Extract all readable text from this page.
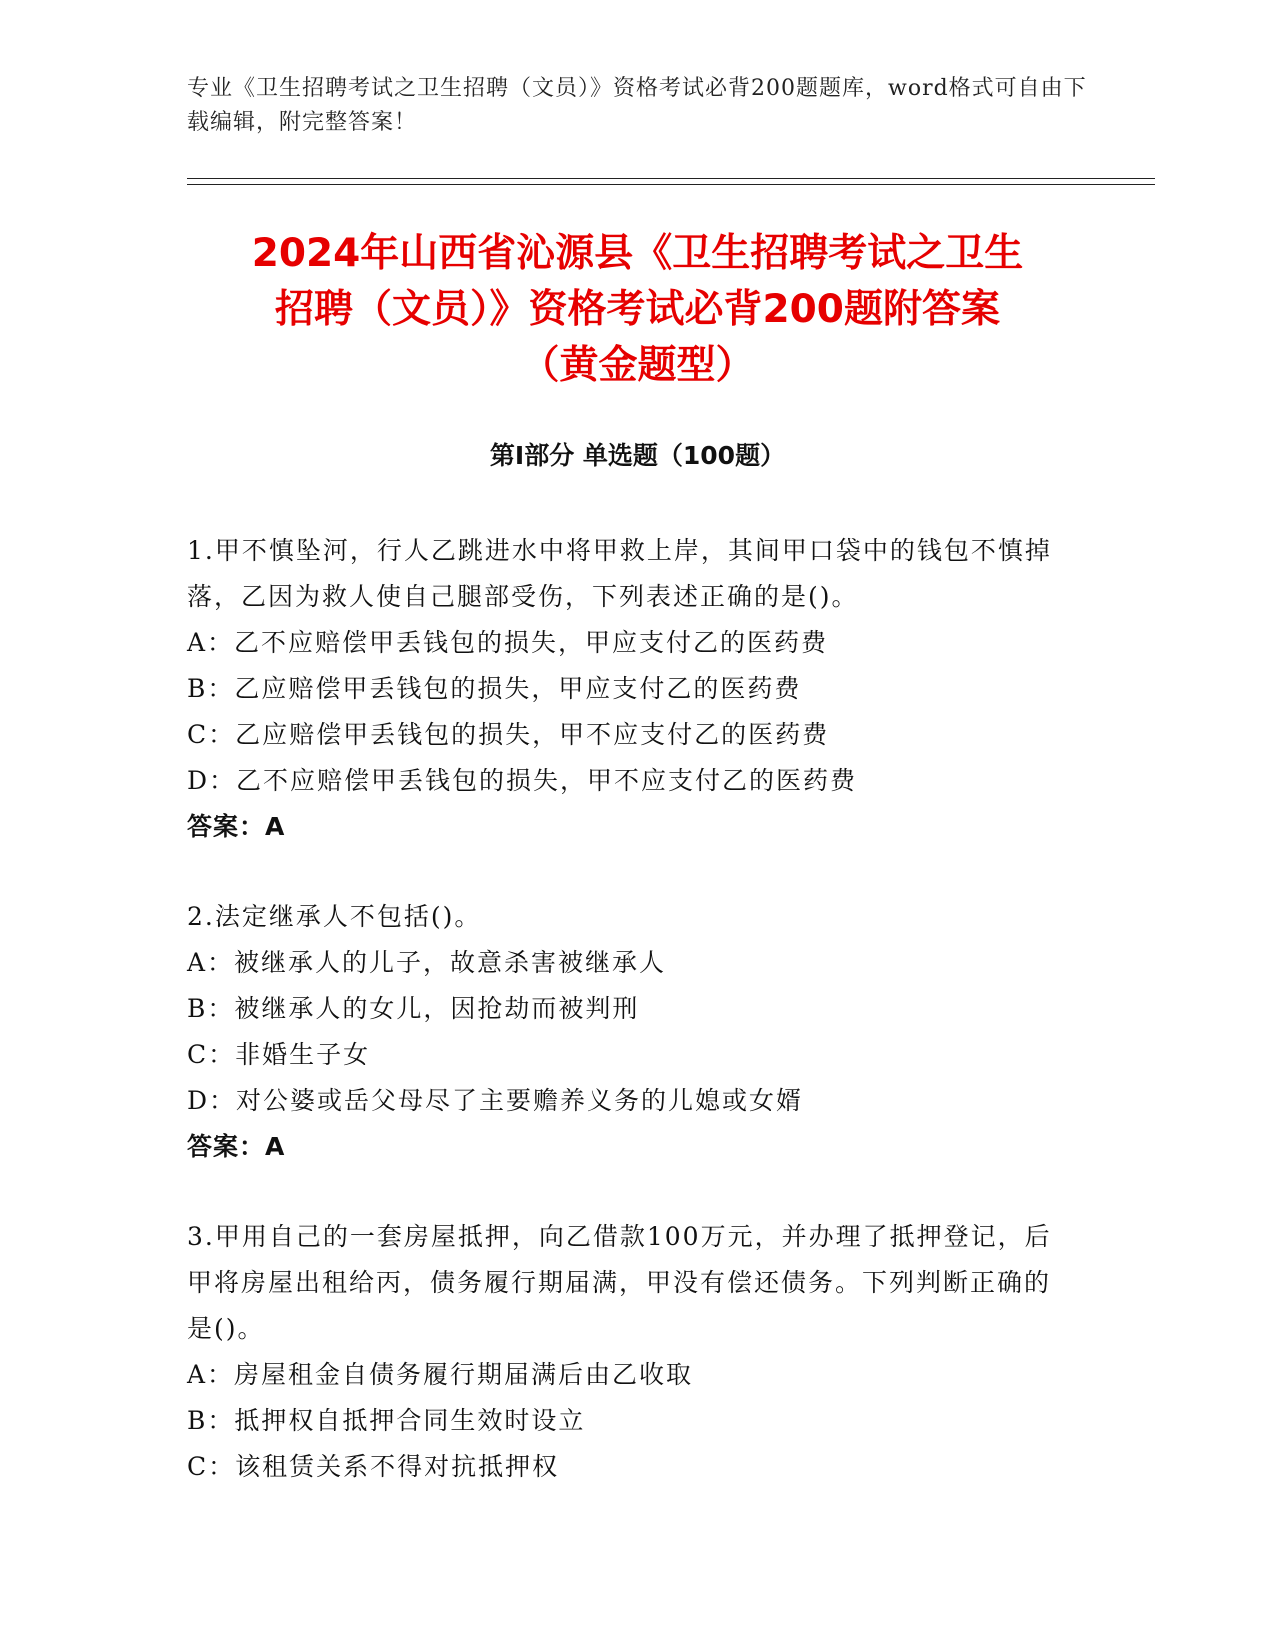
专业《卫生招聘考试之卫生招聘（文员）》资格考试必背200题题库，word格式可自由下载编辑，附完整答案！
2024年山西省沁源县《卫生招聘考试之卫生
招聘（文员）》资格考试必背200题附答案
（黄金题型）
第Ⅰ部分 单选题（100题）

1.甲不慎坠河，行人乙跳进水中将甲救上岸，其间甲口袋中的钱包不慎掉落，乙因为救人使自己腿部受伤，下列表述正确的是()。

A：乙不应赔偿甲丢钱包的损失，甲应支付乙的医药费

B：乙应赔偿甲丢钱包的损失，甲应支付乙的医药费

C：乙应赔偿甲丢钱包的损失，甲不应支付乙的医药费

D：乙不应赔偿甲丢钱包的损失，甲不应支付乙的医药费

答案：A

2.法定继承人不包括()。

A：被继承人的儿子，故意杀害被继承人

B：被继承人的女儿，因抢劫而被判刑

C：非婚生子女

D：对公婆或岳父母尽了主要赡养义务的儿媳或女婿

答案：A

3.甲用自己的一套房屋抵押，向乙借款100万元，并办理了抵押登记，后甲将房屋出租给丙，债务履行期届满，甲没有偿还债务。下列判断正确的是()。

A：房屋租金自债务履行期届满后由乙收取

B：抵押权自抵押合同生效时设立

C：该租赁关系不得对抗抵押权
